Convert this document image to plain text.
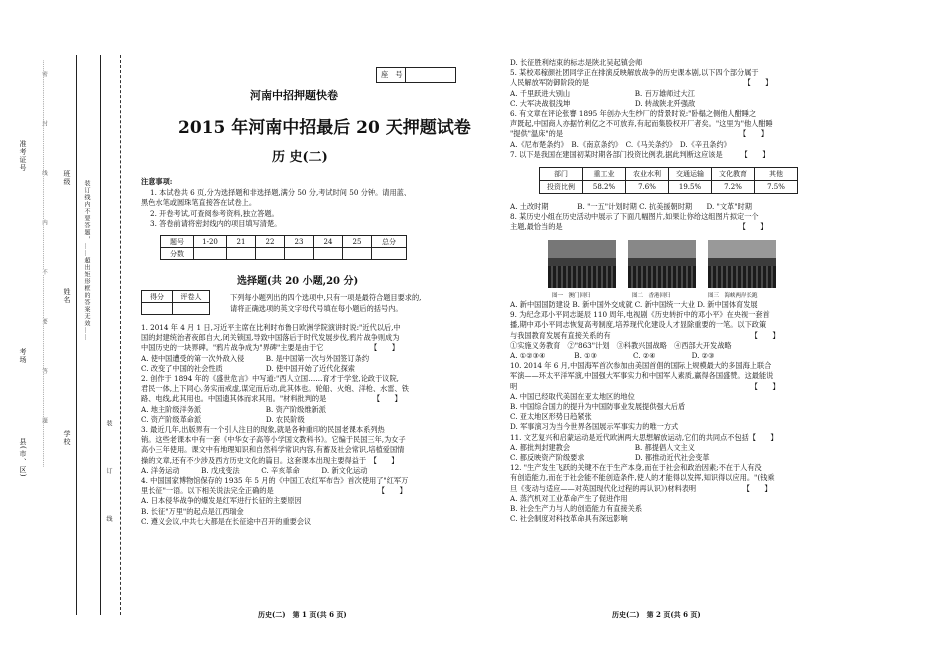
县(市、区)
考场
准考证号	……密……………………封……………………线……………………内……………………不……………………要……………………答……………………题…………………… 学校
姓名
班级
装订线内不要答题，……超出矩形框的答案无效……
装 订 线
座　号
河南中招押题快卷
2015 年河南中招最后 20 天押题试卷
历 史(二)
注意事项:
1. 本试卷共 6 页,分为选择题和非选择题,满分 50 分,考试时间 50 分钟。请用蓝、
黑色水笔或圆珠笔直接答在试卷上。
2. 开卷考试,可查阅参考资料,独立答题。
3. 答卷前请将密封线内的项目填写清楚。
题号	1-20	21	22	23	24	25	总分
分数							
选择题(共 20 小题,20 分)
得分	评卷人
		下列每小题列出的四个选项中,只有一项是最符合题目要求的,
请将正确选项的英文字母代号填在每小题后的括号内。
1. 2014 年 4 月 1 日,习近平主席在比利时布鲁日欧洲学院演讲时说:"近代以后,中
国的封建统治者夜郎自大,闭关锁国,导致中国落后于时代发展步伐,鸦片战争则成为
中国历史的一块界碑。"鸦片战争成为"界碑"主要是由于它　　　　　　　【　　】
A. 使中国遭受的第一次外敌入侵　　　B. 是中国第一次与外国签订条约
C. 改变了中国的社会性质　　　　　　D. 使中国开始了近代化探索
2. 创作于 1894 年的《盛世危言》中写道:"西人立国……育才于学堂,论政于议院,
君民一体,上下同心,务实而戒虚,谋定而后动,此其体也。轮船、火炮、洋枪、水雷、铁
路、电线,此其用也。中国遗其体而求其用。"材料批判的是　　　　　　　【　　】
A. 地主阶级洋务派　　　　　　　　　B. 资产阶级维新派
C. 资产阶级革命派　　　　　　　　　D. 农民阶级
3. 最近几年,出版界有一个引人注目的现象,就是各种重印的民国老课本系列热
销。这些老课本中有一套《中华女子高等小学国文教科书》。它编于民国三年,为女子
高小三年使用。课文中有地理知识和自然科学常识内容,有蓄及社会常识,培植爱国情
操的文章,还有不少涉及西方历史文化的篇目。这套课本出现主要得益于　【　　】
A. 洋务运动　　　B. 戊戌变法　　　C. 辛亥革命　　　D. 新文化运动
4. 中国国家博物馆保存的 1935 年 5 月的《中国工农红军布告》首次使用了"红军万
里长征"一语。以下相关说法完全正确的是　　　　　　　　　　　　　　　【　　】
A. 日本侵华战争的爆发是红军进行长征的主要原因
B. 长征"万里"的起点是江西瑞金
C. 遵义会议,中共七大都是在长征途中召开的重要会议
D. 长征胜利结束的标志是陕北吴起镇会师
5. 某校邓稼颜社团同学正在排演反映解放战争的历史课本剧,以下四个部分属于
人民解放军防御阶段的是　　　　　　　　　　　　　　　　　　　　　　【　　】
A. 千里跃进大别山　　　　　　　　　B. 百万雄师过大江
C. 大军决战很浅坤　　　　　　　　　D. 转战陕北歼强敌
6. 有文章在评论张謇 1895 年创办大生纱厂的背景时说:"卧榻之侧他人酣睡之
声既起,中国商人亦据竹利亿之不可放弃,有起而集股权开厂者矣。"这里为"他人酣睡
"提供"温床"的是　　　　　　　　　　　　　　　　　　　　　　　　　【　　】
A.《尼布楚条约》　B.《南京条约》　C.《马关条约》　D.《辛丑条约》
7. 以下是我国在建国初某时期各部门投资比例表,据此判断这应该是　　　【　　】
部门	重工业	农业水利	交通运输	文化教育	其他
投资比例	58.2%	7.6%	19.5%	7.2%	7.5%
A. 土改时期　　　　B. "一五"计划时期 C. 抗美援朝时期　　D. "文革"时期
8. 某历史小组在历史活动中展示了下面几幅图片,如果让你给这组图片拟定一个
主题,最恰当的是　　　　　　　　　　　　　　　　　　　　　　　　　【　　】
图一　澳门回归	图二　香港回归	图三　海峡两岸长跑
A. 新中国国防建设 B. 新中国外交成就 C. 新中国统一大业 D. 新中国体育发展
9. 为纪念邓小平同志诞辰 110 周年,电视剧《历史转折中的邓小平》在央视一套首
播,期中邓小平同志恢复高考制度,培养现代化建设人才显除重要的一笔。以下政策
与我国教育发展有直接关系的有　　　　　　　　　　　　　　　　　　　　【　　】
①实施义务教育　②"863"计划　③科教兴国战略　④西部大开发战略
A. ①②③④　　　　B. ①③　　　　　C. ②④　　　　　D. ②③
10. 2014 年 6 月,中国海军首次参加由美国首倡的国际上规模最大的多国海上联合
军演——环太平洋军演,中国强大军事实力和中国军人素质,赢得各国盛赞。这最能说
明　　　　　　　　　　　　　　　　　　　　　　　　　　　　　　　　　【　　】
A. 中国已经取代美国在亚太地区的地位
B. 中国综合国力的提升为中国防事业发展提供强大后盾
C. 亚太地区形势日趋紧张
D. 军事演习为当今世界各国展示军事实力的唯一方式
11. 文艺复兴和启蒙运动是近代欧洲两大思想解放运动,它们的共同点不包括【　　】
A. 都批判封建教会　　　　　　　　　B. 都提倡人文主义
C. 都反映资产阶级要求　　　　　　　D. 都推动近代社会变革
12. "生产发生飞跃的关键不在于生产本身,而在于社会和政治因素;不在于人有没
有创造能力,而在于社会能不能创造条件,使人的才能得以发挥,知识得以应用。"(钱乘
旦《变动与适应——对英国现代化过程的再认识》)材料表明　　　　　　　【　　】
A. 蒸汽机对工业革命产生了促进作用
B. 社会生产力与人的创造能力有直接关系
C. 社会制度对科技革命具有深远影响
历史(二)　第 1 页(共 6 页)	历史(二)　第 2 页(共 6 页)
